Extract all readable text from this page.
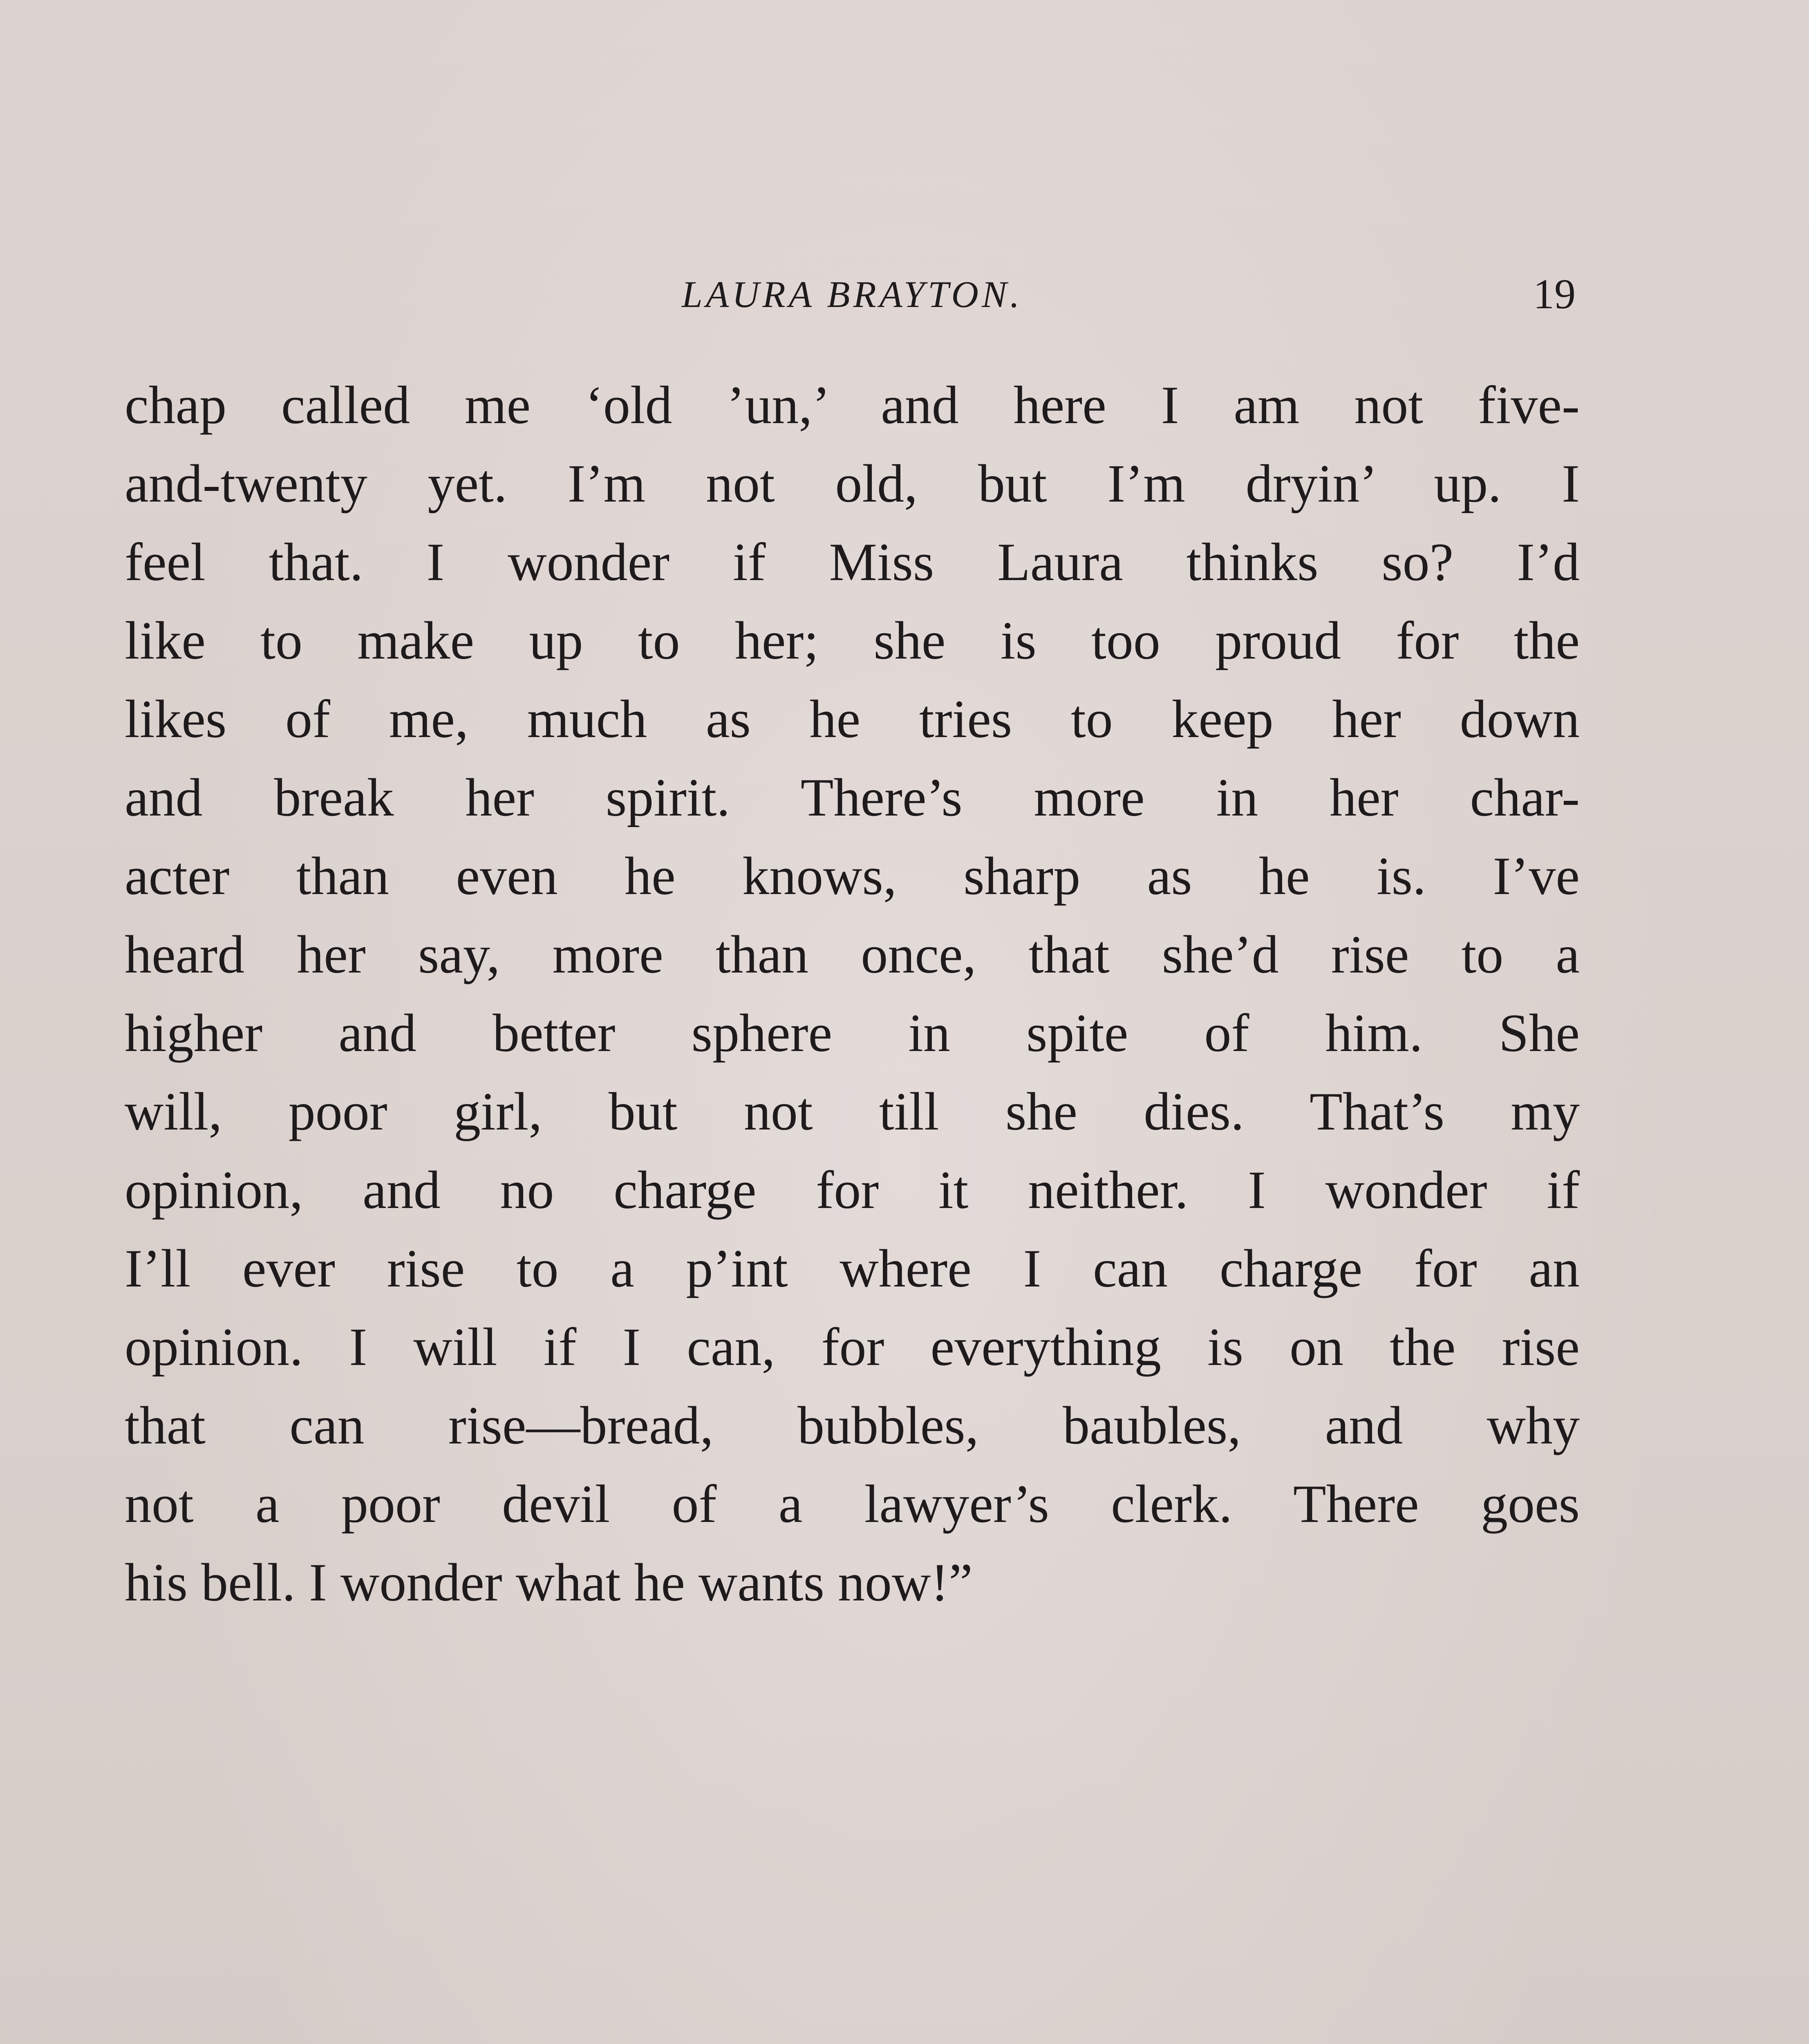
LAURA BRAYTON.	19
chap called me ‘old ’un,’ and here I am not five-
and-twenty yet. I’m not old, but I’m dryin’ up. I
feel that. I wonder if Miss Laura thinks so? I’d
like to make up to her; she is too proud for the
likes of me, much as he tries to keep her down
and break her spirit. There’s more in her char-
acter than even he knows, sharp as he is. I’ve
heard her say, more than once, that she’d rise to a
higher and better sphere in spite of him. She
will, poor girl, but not till she dies. That’s my
opinion, and no charge for it neither. I wonder if
I’ll ever rise to a p’int where I can charge for an
opinion. I will if I can, for everything is on the rise
that can rise—bread, bubbles, baubles, and why
not a poor devil of a lawyer’s clerk. There goes
his bell. I wonder what he wants now!”
